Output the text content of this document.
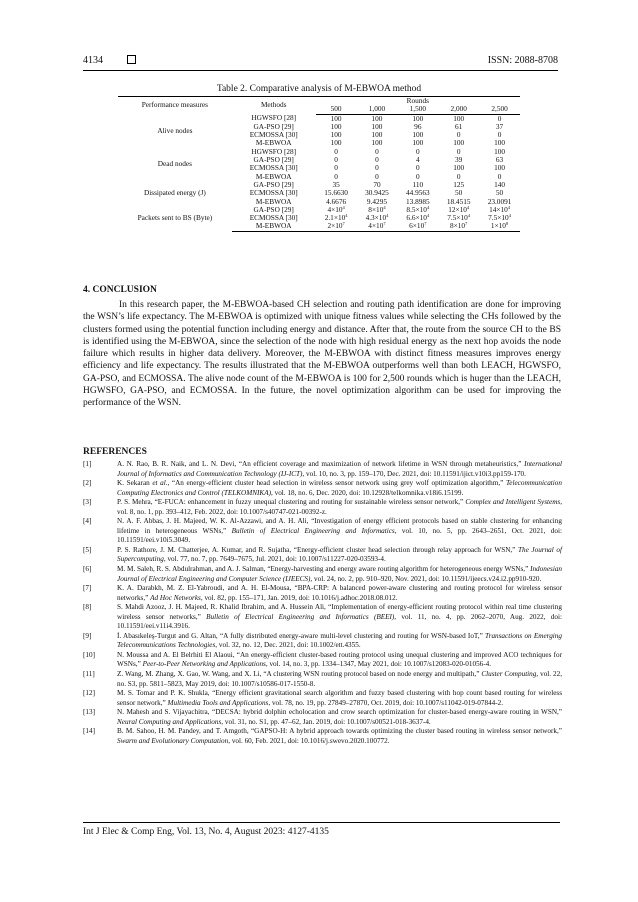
4134	ISSN: 2088-8708
Table 2. Comparative analysis of M-EBWOA method
Performance measures	Methods	Rounds				
		500	1,000	1,500	2,000	2,500
Alive nodes	HGWSFO [28]	100	100	100	100	0
	GA-PSO [29]	100	100	96	61	37
	ECMOSSA [30]	100	100	100	0	0
	M-EBWOA	100	100	100	100	100
Dead nodes	HGWSFO [28]	0	0	0	0	100
	GA-PSO [29]	0	0	4	39	63
	ECMOSSA [30]	0	0	0	100	100
	M-EBWOA	0	0	0	0	0
Dissipated energy (J)	GA-PSO [29]	35	70	110	125	140
	ECMOSSA [30]	15.6630	30.9425	44.9563	50	50
	M-EBWOA	4.6676	9.4295	13.8985	18.4515	23.0091
Packets sent to BS (Byte)	GA-PSO [29]	$4\times 10^4$	$8\times 10^4$	$8.5\times 10^4$	$12\times 10^4$	$14\times 10^4$
	ECMOSSA [30]	$2.1\times 10^4$	$4.3\times 10^4$	$6.6\times 10^4$	$7.5\times 10^4$	$7.5\times 10^4$
	M-EBWOA	$2\times 10^7$	$4\times 10^7$	$6\times 10^7$	$8\times 10^7$	$1\times 10^8$
4. CONCLUSION

In this research paper, the M-EBWOA-based CH selection and routing path identification are done for improving the WSN’s life expectancy. The M-EBWOA is optimized with unique fitness values while selecting the CHs followed by the clusters formed using the potential function including energy and distance. After that, the route from the source CH to the BS is identified using the M-EBWOA, since the selection of the node with high residual energy as the next hop avoids the node failure which results in higher data delivery. Moreover, the M-EBWOA with distinct fitness measures improves energy efficiency and life expectancy. The results illustrated that the M-EBWOA outperforms well than both LEACH, HGWSFO, GA-PSO, and ECMOSSA. The alive node count of the M-EBWOA is 100 for 2,500 rounds which is huger than the LEACH, HGWSFO, GA-PSO, and ECMOSSA. In the future, the novel optimization algorithm can be used for improving the performance of the WSN.

REFERENCES
[1]	A. N. Rao, B. R. Naik, and L. N. Devi, “An efficient coverage and maximization of network lifetime in WSN through metaheuristics,” International Journal of Informatics and Communication Technology (IJ-ICT), vol. 10, no. 3, pp. 159–170, Dec. 2021, doi: 10.11591/ijict.v10i3.pp159-170.
[2]	K. Sekaran et al., “An energy-efficient cluster head selection in wireless sensor network using grey wolf optimization algorithm,” Telecommunication Computing Electronics and Control (TELKOMNIKA), vol. 18, no. 6, Dec. 2020, doi: 10.12928/telkomnika.v18i6.15199.
[3]	P. S. Mehra, “E-FUCA: enhancement in fuzzy unequal clustering and routing for sustainable wireless sensor network,” Complex and Intelligent Systems, vol. 8, no. 1, pp. 393–412, Feb. 2022, doi: 10.1007/s40747-021-00392-z.
[4]	N. A. F. Abbas, J. H. Majeed, W. K. Al-Azzawi, and A. H. Ali, “Investigation of energy efficient protocols based on stable clustering for enhancing lifetime in heterogeneous WSNs,” Bulletin of Electrical Engineering and Informatics, vol. 10, no. 5, pp. 2643–2651, Oct. 2021, doi: 10.11591/eei.v10i5.3049.
[5]	P. S. Rathore, J. M. Chatterjee, A. Kumar, and R. Sujatha, “Energy-efficient cluster head selection through relay approach for WSN,” The Journal of Supercomputing, vol. 77, no. 7, pp. 7649–7675, Jul. 2021, doi: 10.1007/s11227-020-03593-4.
[6]	M. M. Saleh, R. S. Abdulrahman, and A. J. Salman, “Energy-harvesting and energy aware routing algorithm for heterogeneous energy WSNs,” Indonesian Journal of Electrical Engineering and Computer Science (IJEECS), vol. 24, no. 2, pp. 910–920, Nov. 2021, doi: 10.11591/ijeecs.v24.i2.pp910-920.
[7]	K. A. Darabkh, M. Z. El-Yabroudi, and A. H. El-Mousa, “BPA-CRP: A balanced power-aware clustering and routing protocol for wireless sensor networks,” Ad Hoc Networks, vol. 82, pp. 155–171, Jan. 2019, doi: 10.1016/j.adhoc.2018.08.012.
[8]	S. Mahdi Azooz, J. H. Majeed, R. Khalid Ibrahim, and A. Hussein Ali, “Implementation of energy-efficient routing protocol within real time clustering wireless sensor networks,” Bulletin of Electrical Engineering and Informatics (BEEI), vol. 11, no. 4, pp. 2062–2070, Aug. 2022, doi: 10.11591/eei.v11i4.3916.
[9]	İ. Abasıkeleş-Turgut and G. Altan, “A fully distributed energy-aware multi-level clustering and routing for WSN-based IoT,” Transactions on Emerging Telecommunications Technologies, vol. 32, no. 12, Dec. 2021, doi: 10.1002/ett.4355.
[10]	N. Moussa and A. El Belrhiti El Alaoui, “An energy-efficient cluster-based routing protocol using unequal clustering and improved ACO techniques for WSNs,” Peer-to-Peer Networking and Applications, vol. 14, no. 3, pp. 1334–1347, May 2021, doi: 10.1007/s12083-020-01056-4.
[11]	Z. Wang, M. Zhang, X. Gao, W. Wang, and X. Li, “A clustering WSN routing protocol based on node energy and multipath,” Cluster Computing, vol. 22, no. S3, pp. 5811–5823, May 2019, doi: 10.1007/s10586-017-1550-8.
[12]	M. S. Tomar and P. K. Shukla, “Energy efficient gravitational search algorithm and fuzzy based clustering with hop count based routing for wireless sensor network,” Multimedia Tools and Applications, vol. 78, no. 19, pp. 27849–27870, Oct. 2019, doi: 10.1007/s11042-019-07844-2.
[13]	N. Mahesh and S. Vijayachitra, “DECSA: hybrid dolphin echolocation and crow search optimization for cluster-based energy-aware routing in WSN,” Neural Computing and Applications, vol. 31, no. S1, pp. 47–62, Jan. 2019, doi: 10.1007/s00521-018-3637-4.
[14]	B. M. Sahoo, H. M. Pandey, and T. Amgoth, “GAPSO-H: A hybrid approach towards optimizing the cluster based routing in wireless sensor network,” Swarm and Evolutionary Computation, vol. 60, Feb. 2021, doi: 10.1016/j.swevo.2020.100772.
Int J Elec & Comp Eng, Vol. 13, No. 4, August 2023: 4127-4135
